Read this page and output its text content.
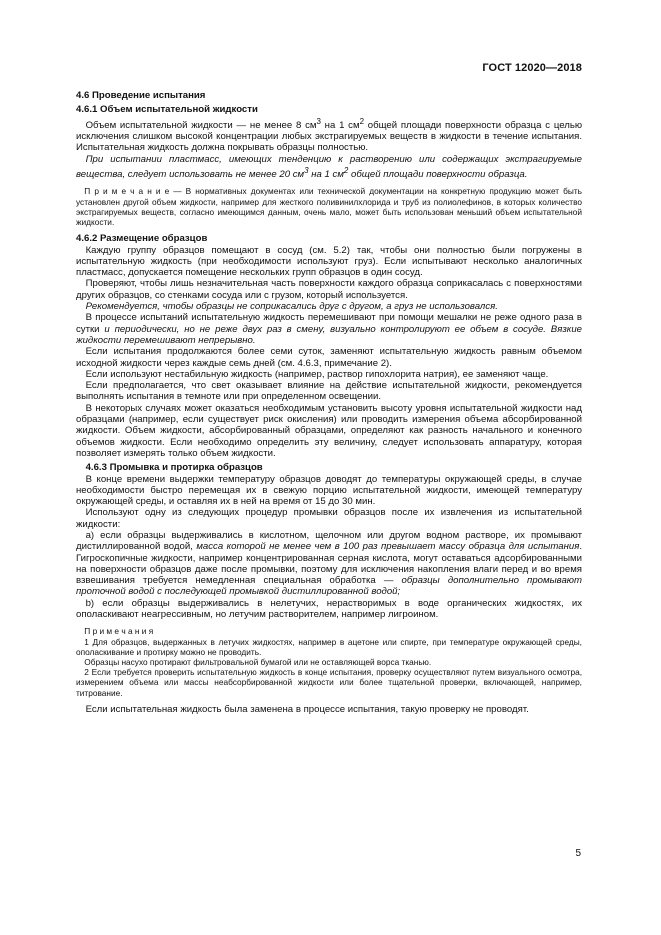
ГОСТ 12020—2018

4.6 Проведение испытания

4.6.1 Объем испытательной жидкости

 Объем испытательной жидкости — не менее 8 $см^3$ на 1 $см^2$ общей площади поверхности образца с целью исключения слишком высокой концентрации любых экстрагируемых веществ в жидкости в течение испытания. Испытательная жидкость должна покрывать образцы полностью.

 При испытании пластмасс, имеющих тенденцию к растворению или содержащих экстрагируемые вещества, следует использовать не менее 20 $см^3$ на 1 $см^2$ общей площади поверхности образца.

 П р и м е ч а н и е — В нормативных документах или технической документации на конкретную продукцию может быть установлен другой объем жидкости, например для жесткого поливинилхлорида и труб из полиолефинов, в которых количество экстрагируемых веществ, согласно имеющимся данным, очень мало, может быть использован меньший объем испытательной жидкости.

4.6.2 Размещение образцов

 Каждую группу образцов помещают в сосуд (см. 5.2) так, чтобы они полностью были погружены в испытательную жидкость (при необходимости используют груз). Если испытывают несколько аналогичных пластмасс, допускается помещение нескольких групп образцов в один сосуд.

 Проверяют, чтобы лишь незначительная часть поверхности каждого образца соприкасалась с поверхностями других образцов, со стенками сосуда или с грузом, который используется.

 Рекомендуется, чтобы образцы не соприкасались друг с другом, а груз не использовался.

 В процессе испытаний испытательную жидкость перемешивают при помощи мешалки не реже одного раза в сутки и периодически, но не реже двух раз в смену, визуально контролируют ее объем в сосуде. Вязкие жидкости перемешивают непрерывно.

 Если испытания продолжаются более семи суток, заменяют испытательную жидкость равным объемом исходной жидкости через каждые семь дней (см. 4.6.3, примечание 2).

 Если используют нестабильную жидкость (например, раствор гипохлорита натрия), ее заменяют чаще.

 Если предполагается, что свет оказывает влияние на действие испытательной жидкости, рекомендуется выполнять испытания в темноте или при определенном освещении.

 В некоторых случаях может оказаться необходимым установить высоту уровня испытательной жидкости над образцами (например, если существует риск окисления) или проводить измерения объема абсорбированной жидкости. Объем жидкости, абсорбированный образцами, определяют как разность начального и конечного объемов жидкости. Если необходимо определить эту величину, следует использовать аппаратуру, которая позволяет измерять только объем жидкости.

 4.6.3 Промывка и протирка образцов

 В конце времени выдержки температуру образцов доводят до температуры окружающей среды, в случае необходимости быстро перемещая их в свежую порцию испытательной жидкости, имеющей температуру окружающей среды, и оставляя их в ней на время от 15 до 30 мин.

 Используют одну из следующих процедур промывки образцов после их извлечения из испытательной жидкости:

 а) если образцы выдерживались в кислотном, щелочном или другом водном растворе, их промывают дистиллированной водой, масса которой не менее чем в 100 раз превышает массу образца для испытания. Гигроскопичные жидкости, например концентрированная серная кислота, могут оставаться адсорбированными на поверхности образцов даже после промывки, поэтому для исключения накопления влаги перед и во время взвешивания требуется немедленная специальная обработка — образцы дополнительно промывают проточной водой с последующей промывкой дистиллированной водой;

 b) если образцы выдерживались в нелетучих, нерастворимых в воде органических жидкостях, их ополаскивают неагрессивным, но летучим растворителем, например лигроином.

 П р и м е ч а н и я

 1 Для образцов, выдержанных в летучих жидкостях, например в ацетоне или спирте, при температуре окружающей среды, ополаскивание и протирку можно не проводить.

 Образцы насухо протирают фильтровальной бумагой или не оставляющей ворса тканью.

 2 Если требуется проверить испытательную жидкость в конце испытания, проверку осуществляют путем визуального осмотра, измерением объема или массы неабсорбированной жидкости или более тщательной проверки, включающей, например, титрование.

 Если испытательная жидкость была заменена в процессе испытания, такую проверку не проводят.

5
